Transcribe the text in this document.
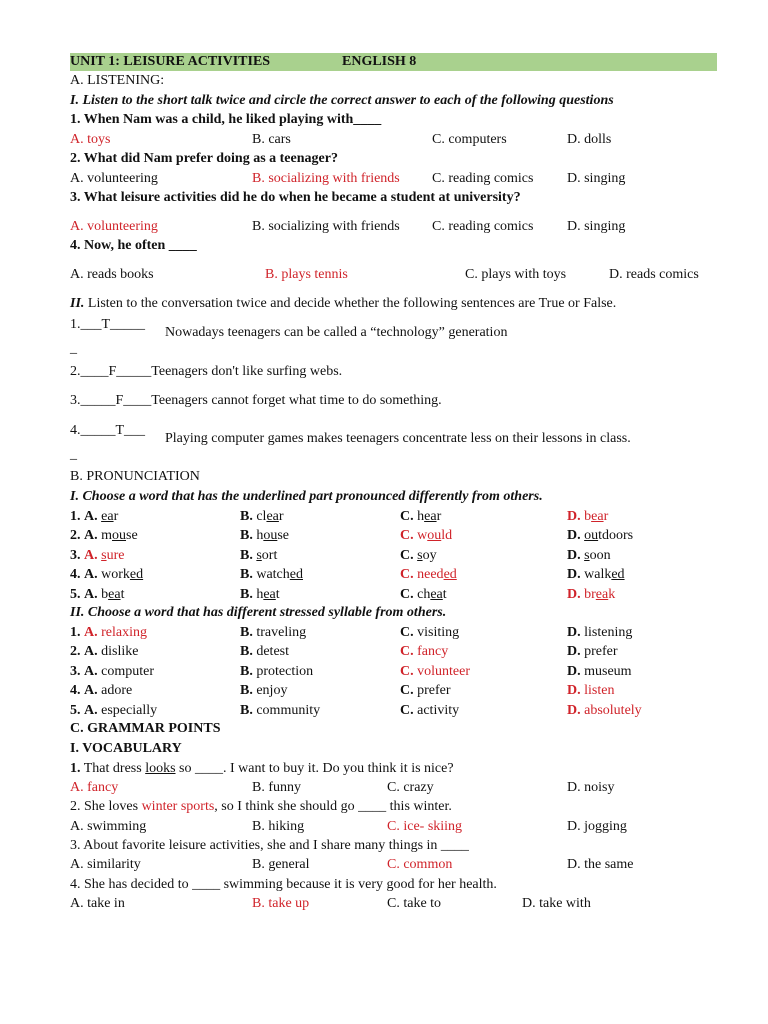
UNIT 1: LEISURE ACTIVITIES	ENGLISH 8
A. LISTENING:
I. Listen to the short talk twice and circle the correct answer to each of the following questions
1. When Nam was a child, he liked playing with____
A. toys	B. cars	C. computers	D. dolls
2. What did Nam prefer doing as a teenager?
A. volunteering	B. socializing with friends C. reading comics D. singing
3. What leisure activities did he do when he became a student at university?
A. volunteering	B. socializing with friends C. reading comics D. singing
4. Now, he often ____
A. reads books	B. plays tennis	C. plays with toys	D. reads comics
II. Listen to the conversation twice and decide whether the following sentences are True or False.
1.___T_____
Nowadays teenagers can be called a “technology” generation
_
2.____F_____Teenagers don't like surfing webs.
3._____F____Teenagers cannot forget what time to do something.
4._____T___
Playing computer games makes teenagers concentrate less on their lessons in class.
_
B. PRONUNCIATION
I. Choose a word that has the underlined part pronounced differently from others.
1. A. ear	B. clear	C. hear	D. bear
2. A. mouse	B. house	C. would	D. outdoors
3. A. sure	B. sort	C. soy	D. soon
4. A. worked	B. watched	C. needed	D. walked
5. A. beat	B. heat	C. cheat	D. break
II. Choose a word that has different stressed syllable from others.
1. A. relaxing	B. traveling	C. visiting	D. listening
2. A. dislike	B. detest	C. fancy	D. prefer
3. A. computer	B. protection	C. volunteer	D. museum
4. A. adore	B. enjoy	C. prefer	D. listen
5. A. especially	B. community	C. activity	D. absolutely
C. GRAMMAR POINTS
I. VOCABULARY
1. That dress looks so ____. I want to buy it. Do you think it is nice?
A. fancy	B. funny	C. crazy	D. noisy
2. She loves winter sports, so I think she should go ____ this winter.
A. swimming	B. hiking	C. ice- skiing	D. jogging
3. About favorite leisure activities, she and I share many things in ____
A. similarity	B. general	C. common	D. the same
4. She has decided to ____ swimming because it is very good for her health.
A. take in	B. take up	C. take to	D. take with
